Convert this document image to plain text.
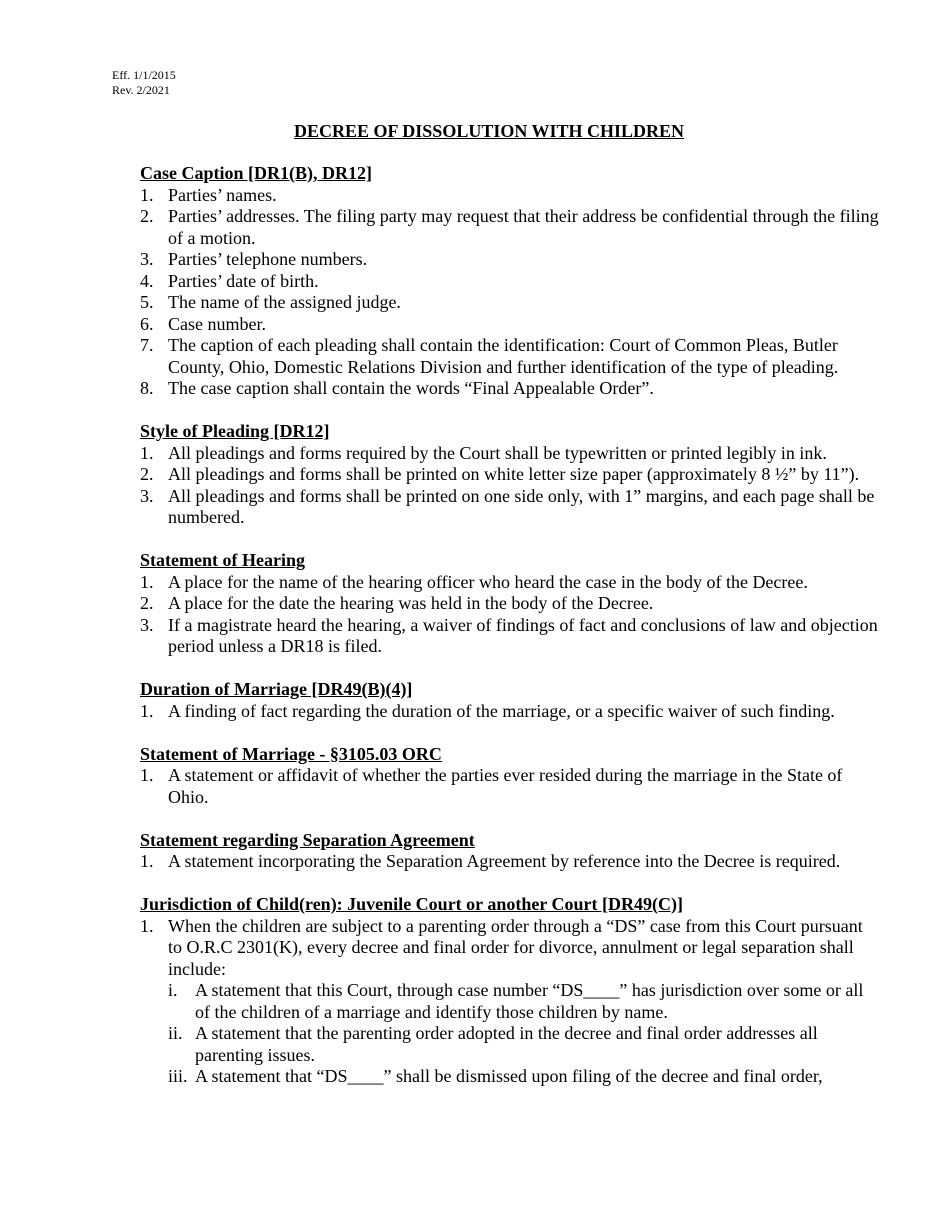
Eff. 1/1/2015
Rev. 2/2021
DECREE OF DISSOLUTION WITH CHILDREN
Case Caption [DR1(B), DR12]
1. Parties’ names.
2. Parties’ addresses. The filing party may request that their address be confidential through the filing of a motion.
3. Parties’ telephone numbers.
4. Parties’ date of birth.
5. The name of the assigned judge.
6. Case number.
7. The caption of each pleading shall contain the identification: Court of Common Pleas, Butler County, Ohio, Domestic Relations Division and further identification of the type of pleading.
8. The case caption shall contain the words “Final Appealable Order”.
Style of Pleading [DR12]
1. All pleadings and forms required by the Court shall be typewritten or printed legibly in ink.
2. All pleadings and forms shall be printed on white letter size paper (approximately 8 ½” by 11”).
3. All pleadings and forms shall be printed on one side only, with 1” margins, and each page shall be numbered.
Statement of Hearing
1. A place for the name of the hearing officer who heard the case in the body of the Decree.
2. A place for the date the hearing was held in the body of the Decree.
3. If a magistrate heard the hearing, a waiver of findings of fact and conclusions of law and objection period unless a DR18 is filed.
Duration of Marriage [DR49(B)(4)]
1. A finding of fact regarding the duration of the marriage, or a specific waiver of such finding.
Statement of Marriage - §3105.03 ORC
1. A statement or affidavit of whether the parties ever resided during the marriage in the State of Ohio.
Statement regarding Separation Agreement
1. A statement incorporating the Separation Agreement by reference into the Decree is required.
Jurisdiction of Child(ren): Juvenile Court or another Court [DR49(C)]
1. When the children are subject to a parenting order through a “DS” case from this Court pursuant to O.R.C 2301(K), every decree and final order for divorce, annulment or legal separation shall include:
i. A statement that this Court, through case number “DS____” has jurisdiction over some or all of the children of a marriage and identify those children by name.
ii. A statement that the parenting order adopted in the decree and final order addresses all parenting issues.
iii. A statement that “DS____” shall be dismissed upon filing of the decree and final order,
